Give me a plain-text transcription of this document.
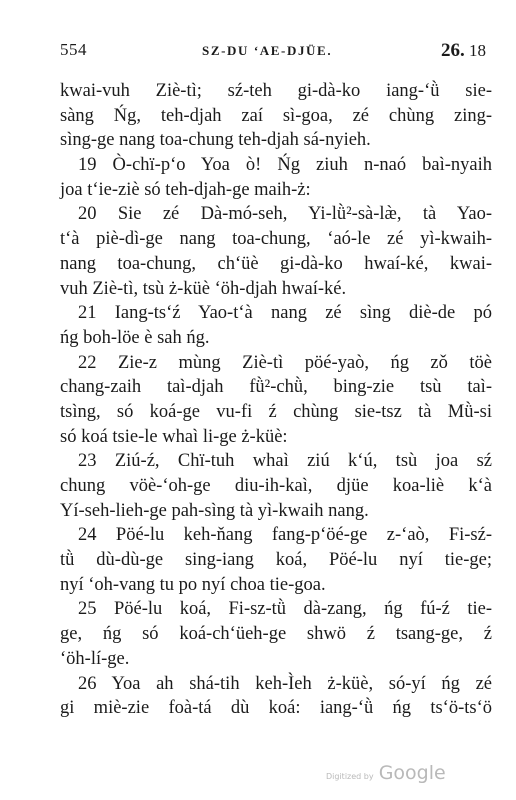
554	SZ-DU ‘AE-DJÜE.	26. 18
kwai-vuh Ziè-tì; sź-teh gi-dà-ko iang-‘ǜ sie-
sàng Ńg, teh-djah zaí sì-goa, zé chùng zing-
sìng-ge nang toa-chung teh-djah sá-nyieh.
19 Ò-chï-p‘o Yoa ò! Ńg ziuh n-naó baì-nyaih
joa t‘ie-ziè só teh-djah-ge maih-ż:
20 Sie zé Dà-mó-seh, Yi-lǜ²-sà-læ̀, tà Yao-
t‘à piè-dì-ge nang toa-chung, ‘aó-le zé yì-kwaih-
nang toa-chung, ch‘üè gi-dà-ko hwaí-ké, kwai-
vuh Ziè-tì, tsù ż-küè ‘öh-djah hwaí-ké.
21 Iang-ts‘ź Yao-t‘à nang zé sìng diè-de pó
ńg boh-löe è sah ńg.
22 Zie-z mùng Ziè-tì pöé-yaò, ńg zǒ töè
chang-zaih taì-djah fǜ²-chǜ, bing-zie tsù taì-
tsìng, só koá-ge vu-fi ź chùng sie-tsz tà Mǜ-si
só koá tsie-le whaì li-ge ż-küè:
23 Ziú-ź, Chï-tuh whaì ziú k‘ú, tsù joa sź
chung vöè-‘oh-ge diu-ih-kaì, djüe koa-liè k‘à
Yí-seh-lieh-ge pah-sìng tà yì-kwaih nang.
24 Pöé-lu keh-ňang fang-p‘öé-ge z-‘aò, Fi-sź-
tǜ dù-dù-ge sing-iang koá, Pöé-lu nyí tie-ge;
nyí ‘oh-vang tu po nyí choa tie-goa.
25 Pöé-lu koá, Fi-sz-tǜ dà-zang, ńg fú-ź tie-
ge, ńg só koá-ch‘üeh-ge shwö ź tsang-ge, ź
‘öh-lí-ge.
26 Yoa ah shá-tih keh-Ìeh ż-küè, só-yí ńg zé
gi miè-zie foà-tá dù koá: iang-‘ǜ ńg ts‘ö-ts‘ö
Digitized by Google
